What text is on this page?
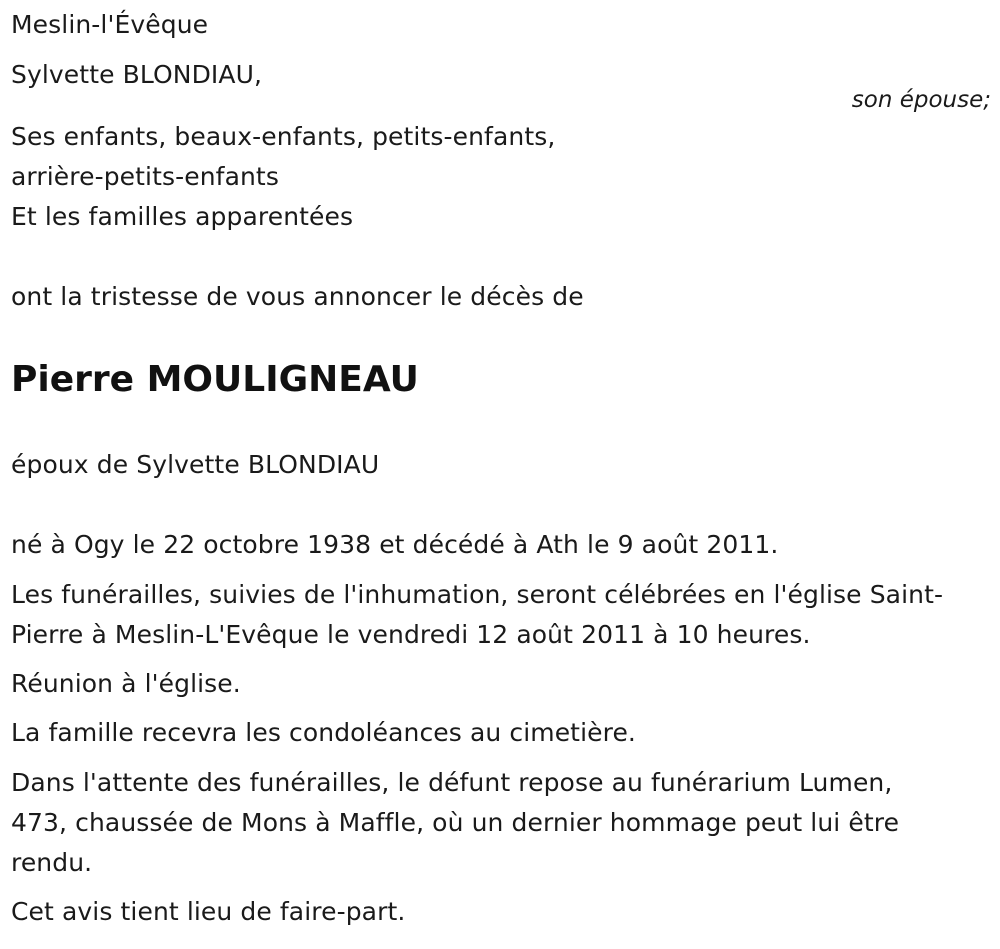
Meslin-l'Évêque
Sylvette BLONDIAU,
son épouse;
Ses enfants, beaux-enfants, petits-enfants,
arrière-petits-enfants
Et les familles apparentées
ont la tristesse de vous annoncer le décès de
Pierre MOULIGNEAU
époux de Sylvette BLONDIAU
né à Ogy le 22 octobre 1938 et décédé à Ath le 9 août 2011.
Les funérailles, suivies de l'inhumation, seront célébrées en l'église Saint-
Pierre à Meslin-L'Evêque le vendredi 12 août 2011 à 10 heures.
Réunion à l'église.
La famille recevra les condoléances au cimetière.
Dans l'attente des funérailles, le défunt repose au funérarium Lumen,
473, chaussée de Mons à Maffle, où un dernier hommage peut lui être
rendu.
Cet avis tient lieu de faire-part.
